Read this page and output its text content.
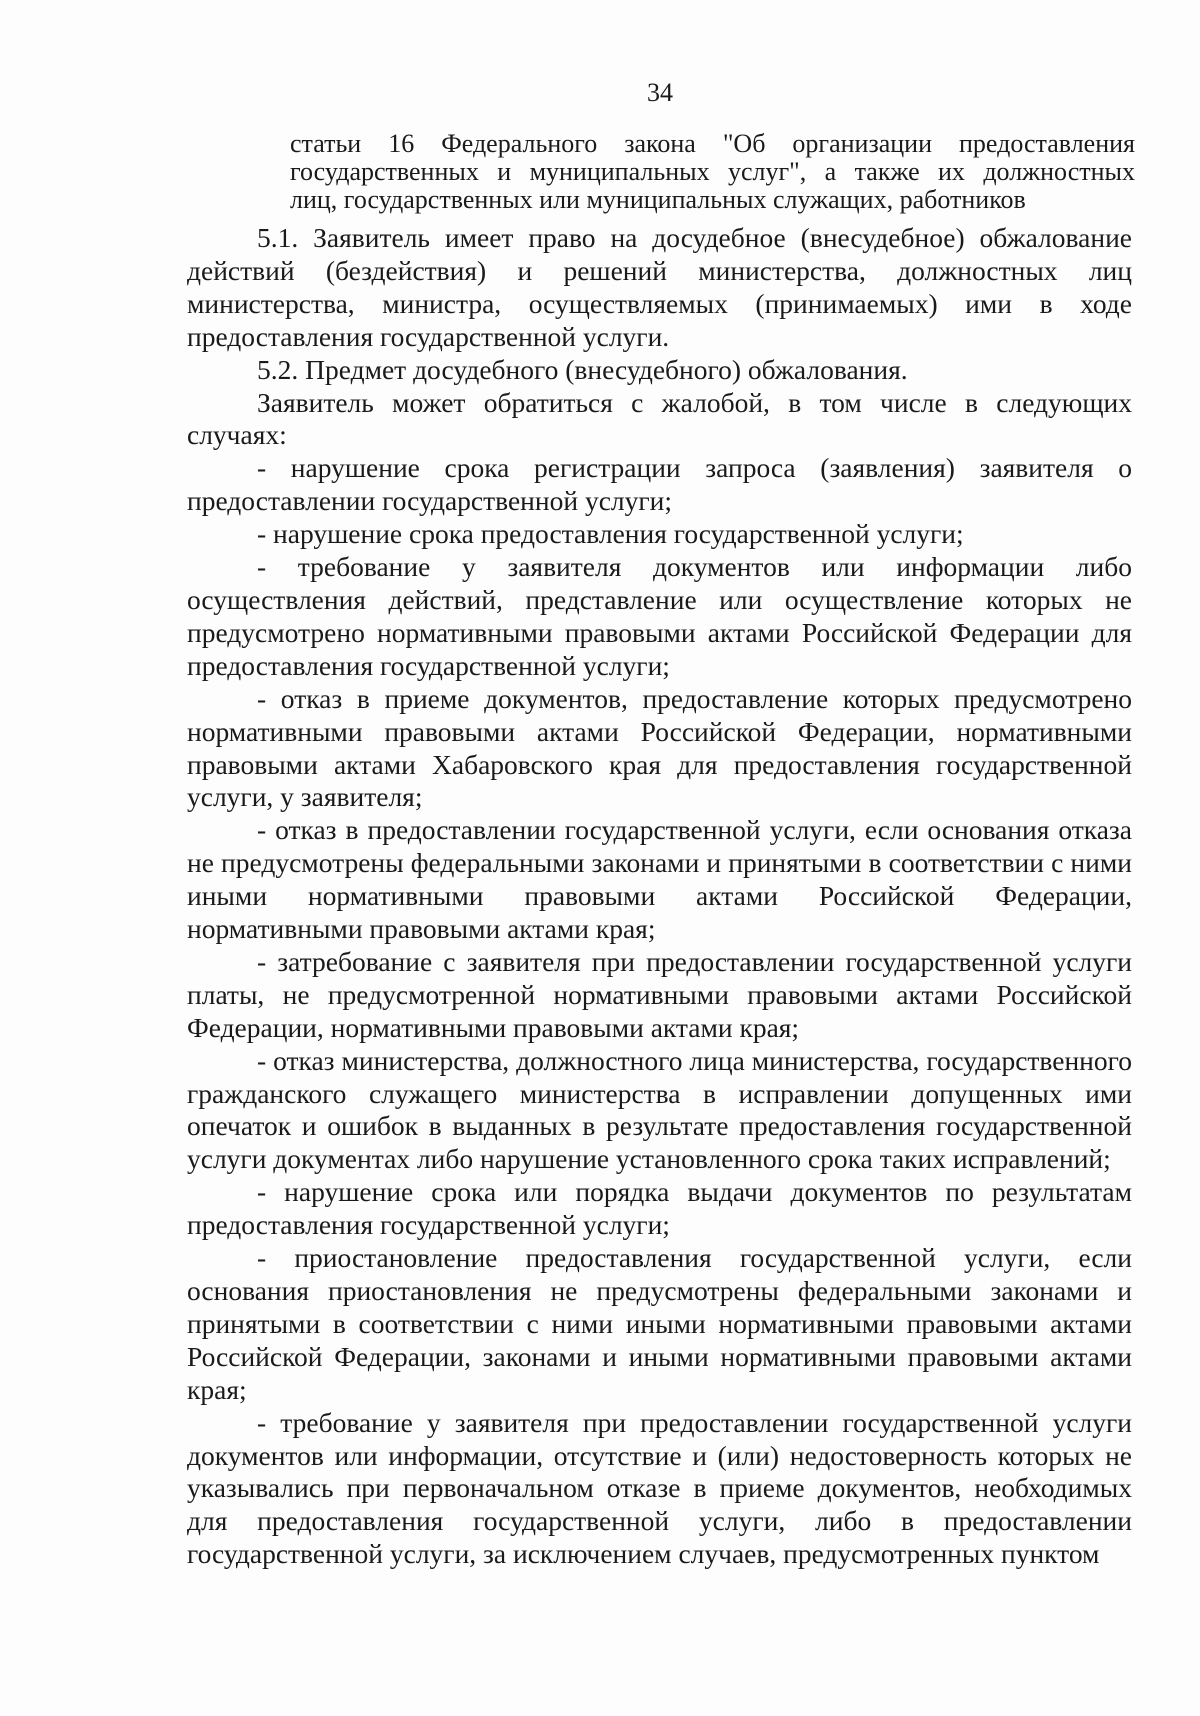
34
статьи 16 Федерального закона "Об организации предоставления
государственных и муниципальных услуг", а также их должностных
лиц, государственных или муниципальных служащих, работников

5.1. Заявитель имеет право на досудебное (внесудебное) обжалование действий (бездействия) и решений министерства, должностных лиц министерства, министра, осуществляемых (принимаемых) ими в ходе предоставления государственной услуги.

5.2. Предмет досудебного (внесудебного) обжалования.

Заявитель может обратиться с жалобой, в том числе в следующих случаях:

- нарушение срока регистрации запроса (заявления) заявителя о предоставлении государственной услуги;

- нарушение срока предоставления государственной услуги;

- требование у заявителя документов или информации либо осуществления действий, представление или осуществление которых не предусмотрено нормативными правовыми актами Российской Федерации для предоставления государственной услуги;

- отказ в приеме документов, предоставление которых предусмотрено нормативными правовыми актами Российской Федерации, нормативными правовыми актами Хабаровского края для предоставления государственной услуги, у заявителя;

- отказ в предоставлении государственной услуги, если основания отказа не предусмотрены федеральными законами и принятыми в соответствии с ними иными нормативными правовыми актами Российской Федерации, нормативными правовыми актами края;

- затребование с заявителя при предоставлении государственной услуги платы, не предусмотренной нормативными правовыми актами Российской Федерации, нормативными правовыми актами края;

- отказ министерства, должностного лица министерства, государственного гражданского служащего министерства в исправлении допущенных ими опечаток и ошибок в выданных в результате предоставления государственной услуги документах либо нарушение установленного срока таких исправлений;

- нарушение срока или порядка выдачи документов по результатам предоставления государственной услуги;

- приостановление предоставления государственной услуги, если основания приостановления не предусмотрены федеральными законами и принятыми в соответствии с ними иными нормативными правовыми актами Российской Федерации, законами и иными нормативными правовыми актами края;

- требование у заявителя при предоставлении государственной услуги документов или информации, отсутствие и (или) недостоверность которых не указывались при первоначальном отказе в приеме документов, необходимых для предоставления государственной услуги, либо в предоставлении государственной услуги, за исключением случаев, предусмотренных пунктом
